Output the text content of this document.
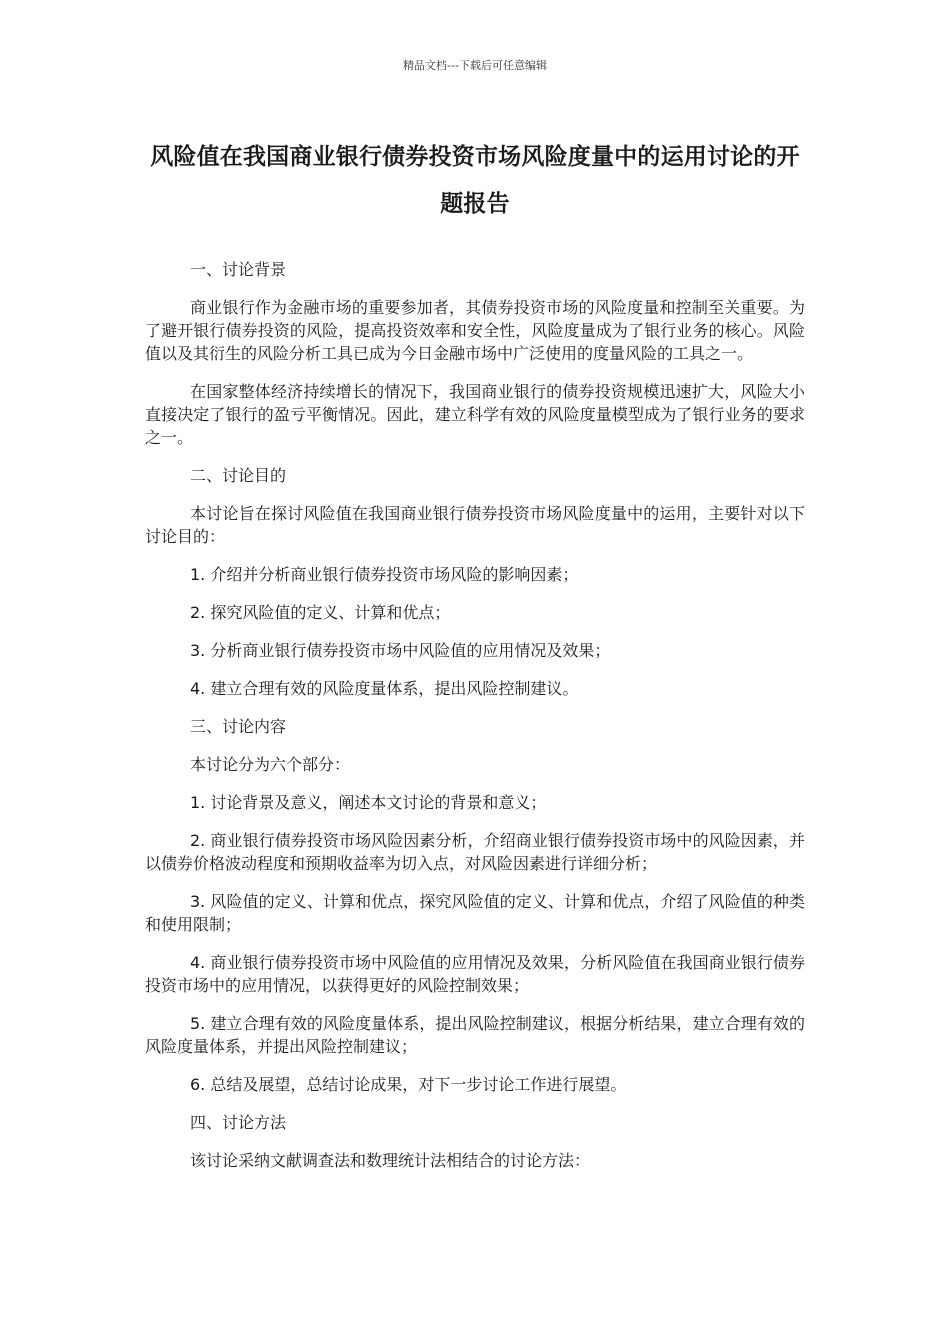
精品文档---下载后可任意编辑
风险值在我国商业银行债券投资市场风险度量中的运用讨论的开题报告

一、讨论背景

商业银行作为金融市场的重要参加者，其债券投资市场的风险度量和控制至关重要。为了避开银行债券投资的风险，提高投资效率和安全性，风险度量成为了银行业务的核心。风险值以及其衍生的风险分析工具已成为今日金融市场中广泛使用的度量风险的工具之一。

在国家整体经济持续增长的情况下，我国商业银行的债券投资规模迅速扩大，风险大小直接决定了银行的盈亏平衡情况。因此，建立科学有效的风险度量模型成为了银行业务的要求之一。

二、讨论目的

本讨论旨在探讨风险值在我国商业银行债券投资市场风险度量中的运用，主要针对以下讨论目的：

1. 介绍并分析商业银行债券投资市场风险的影响因素；

2. 探究风险值的定义、计算和优点；

3. 分析商业银行债券投资市场中风险值的应用情况及效果；

4. 建立合理有效的风险度量体系，提出风险控制建议。

三、讨论内容

本讨论分为六个部分：

1. 讨论背景及意义，阐述本文讨论的背景和意义；

2. 商业银行债券投资市场风险因素分析，介绍商业银行债券投资市场中的风险因素，并以债券价格波动程度和预期收益率为切入点，对风险因素进行详细分析；

3. 风险值的定义、计算和优点，探究风险值的定义、计算和优点，介绍了风险值的种类和使用限制；

4. 商业银行债券投资市场中风险值的应用情况及效果，分析风险值在我国商业银行债券投资市场中的应用情况，以获得更好的风险控制效果；

5. 建立合理有效的风险度量体系，提出风险控制建议，根据分析结果，建立合理有效的风险度量体系，并提出风险控制建议；

6. 总结及展望，总结讨论成果，对下一步讨论工作进行展望。

四、讨论方法

该讨论采纳文献调查法和数理统计法相结合的讨论方法：
